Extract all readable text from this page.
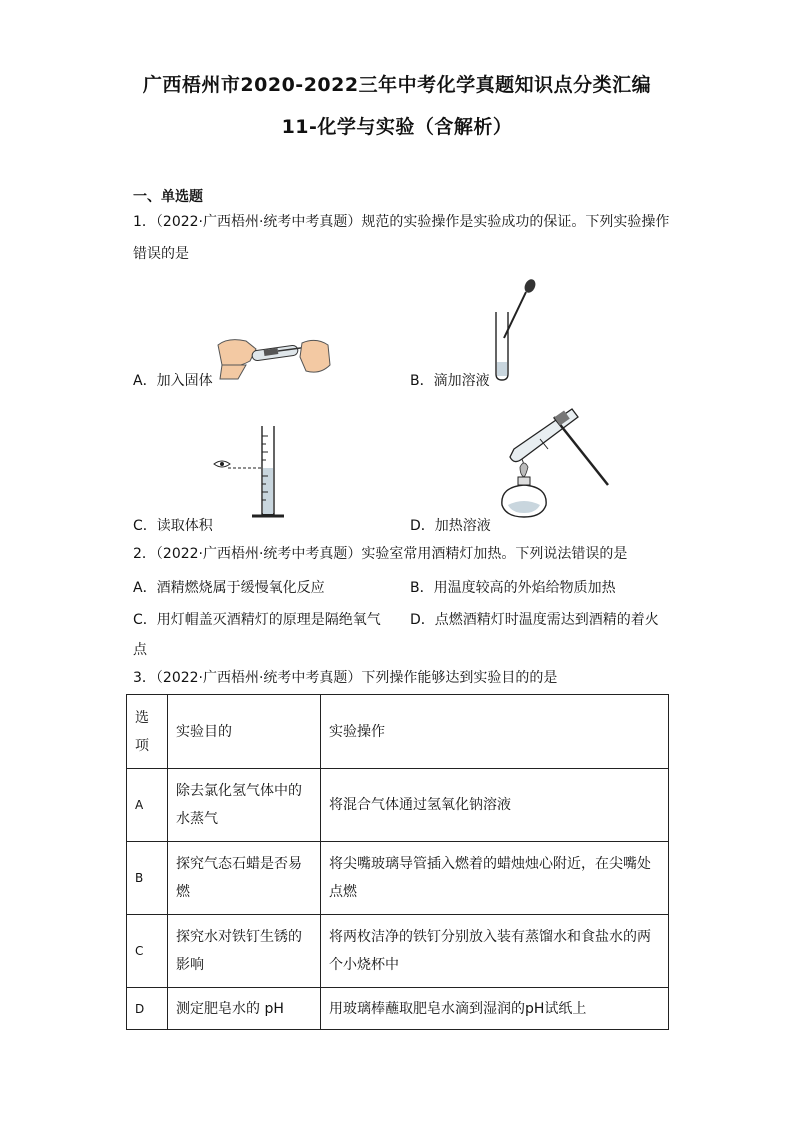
广西梧州市2020-2022三年中考化学真题知识点分类汇编
11-化学与实验（含解析）
一、单选题
1．（2022·广西梧州·统考中考真题）规范的实验操作是实验成功的保证。下列实验操作
错误的是
A．加入固体	B．滴加溶液
C．读取体积	D．加热溶液
2．（2022·广西梧州·统考中考真题）实验室常用酒精灯加热。下列说法错误的是
A．酒精燃烧属于缓慢氧化反应	B．用温度较高的外焰给物质加热
C．用灯帽盖灭酒精灯的原理是隔绝氧气 D．点燃酒精灯时温度需达到酒精的着火
点
3．（2022·广西梧州·统考中考真题）下列操作能够达到实验目的的是
选项	实验目的	实验操作
A	除去氯化氢气体中的水蒸气	将混合气体通过氢氧化钠溶液
B	探究气态石蜡是否易燃	将尖嘴玻璃导管插入燃着的蜡烛烛心附近，在尖嘴处点燃
C	探究水对铁钉生锈的影响	将两枚洁净的铁钉分别放入装有蒸馏水和食盐水的两个小烧杯中
D	测定肥皂水的 pH	用玻璃棒蘸取肥皂水滴到湿润的pH试纸上
